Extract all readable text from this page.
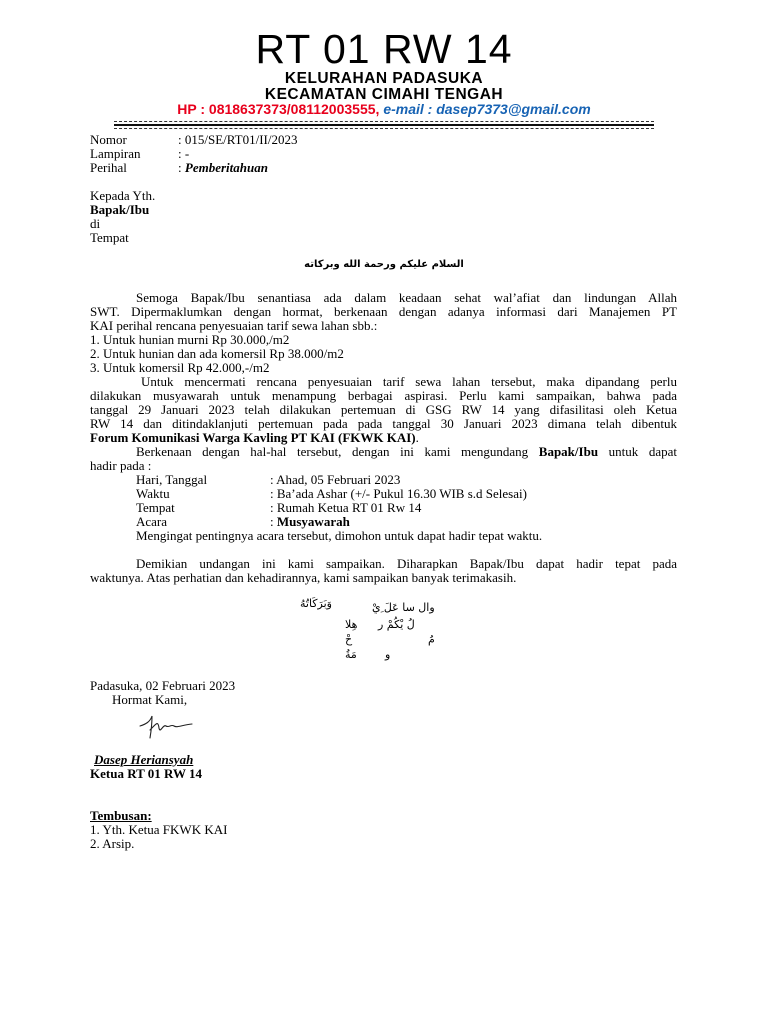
RT 01 RW 14
KELURAHAN PADASUKA
KECAMATAN CIMAHI TENGAH
HP : 0818637373/08112003555, e-mail : dasep7373@gmail.com
Nomor	: 015/SE/RT01/II/2023
Lampiran	: -
Perihal	: Pemberitahuan
Kepada Yth.
Bapak/Ibu
di
Tempat
السلام عليكم ورحمة الله وبركاته
Semoga Bapak/Ibu senantiasa ada dalam keadaan sehat wal’afiat dan lindungan Allah
SWT. Dipermaklumkan dengan hormat, berkenaan dengan adanya informasi dari Manajemen PT
KAI perihal rencana penyesuaian tarif sewa lahan sbb.:
1. Untuk hunian murni Rp 30.000,/m2
2. Untuk hunian dan ada komersil Rp 38.000/m2
3. Untuk komersil Rp 42.000,-/m2
Untuk mencermati rencana penyesuaian tarif sewa lahan tersebut, maka dipandang perlu
dilakukan musyawarah untuk menampung berbagai aspirasi. Perlu kami sampaikan, bahwa pada
tanggal 29 Januari 2023 telah dilakukan pertemuan di GSG RW 14 yang difasilitasi oleh Ketua
RW 14 dan ditindaklanjuti pertemuan pada pada tanggal 30 Januari 2023 dimana telah dibentuk
Forum Komunikasi Warga Kavling PT KAI (FKWK KAI).
Berkenaan dengan hal-hal tersebut, dengan ini kami mengundang Bapak/Ibu untuk dapat
hadir pada :
Hari, Tanggal	: Ahad, 05 Februari 2023
Waktu	: Ba’ada Ashar (+/- Pukul 16.30 WIB s.d Selesai)
Tempat	: Rumah Ketua RT 01 Rw 14
Acara	: Musyawarah
Mengingat pentingnya acara tersebut, dimohon untuk dapat hadir tepat waktu.
Demikian undangan ini kami sampaikan. Diharapkan Bapak/Ibu dapat hadir tepat pada
waktunya. Atas perhatian dan kehadirannya, kami sampaikan banyak terimakasih.
وال سا عَلَ ِيْ
وَبَرَكَاتُهُ
لُ يْكُمْ ر
هِلا
مُ
حْ
و
مَةُ
Padasuka, 02 Februari 2023
Hormat Kami,
Dasep Heriansyah
Ketua RT 01 RW 14
Tembusan:
1. Yth. Ketua FKWK KAI
2. Arsip.
